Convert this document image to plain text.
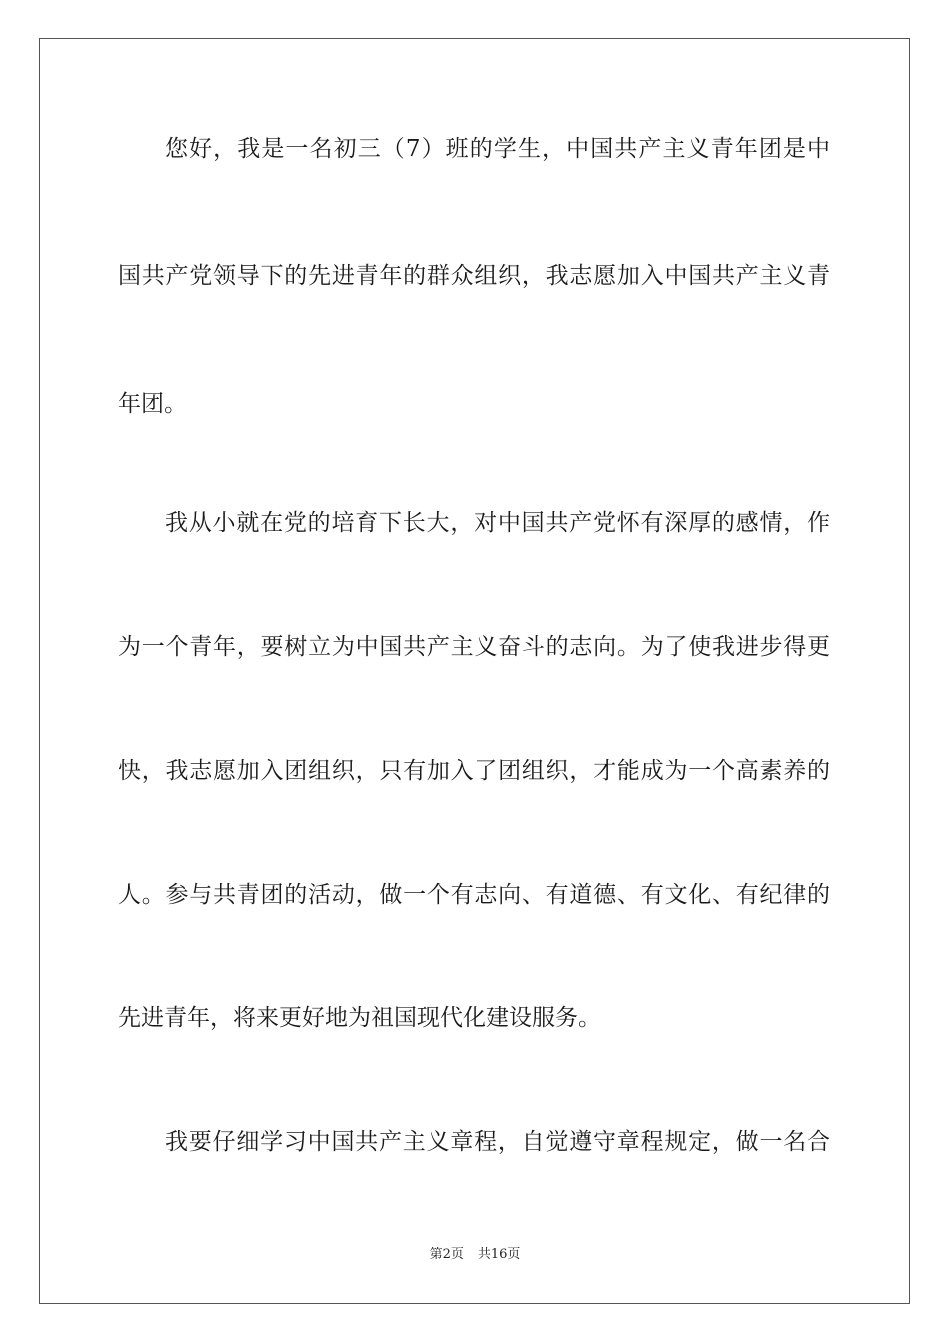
您好，我是一名初三（7）班的学生，中国共产主义青年团是中
国共产党领导下的先进青年的群众组织，我志愿加入中国共产主义青
年团。
我从小就在党的培育下长大，对中国共产党怀有深厚的感情，作
为一个青年，要树立为中国共产主义奋斗的志向。为了使我进步得更
快，我志愿加入团组织，只有加入了团组织，才能成为一个高素养的
人。参与共青团的活动，做一个有志向、有道德、有文化、有纪律的
先进青年，将来更好地为祖国现代化建设服务。
我要仔细学习中国共产主义章程，自觉遵守章程规定，做一名合
第2页 共16页
